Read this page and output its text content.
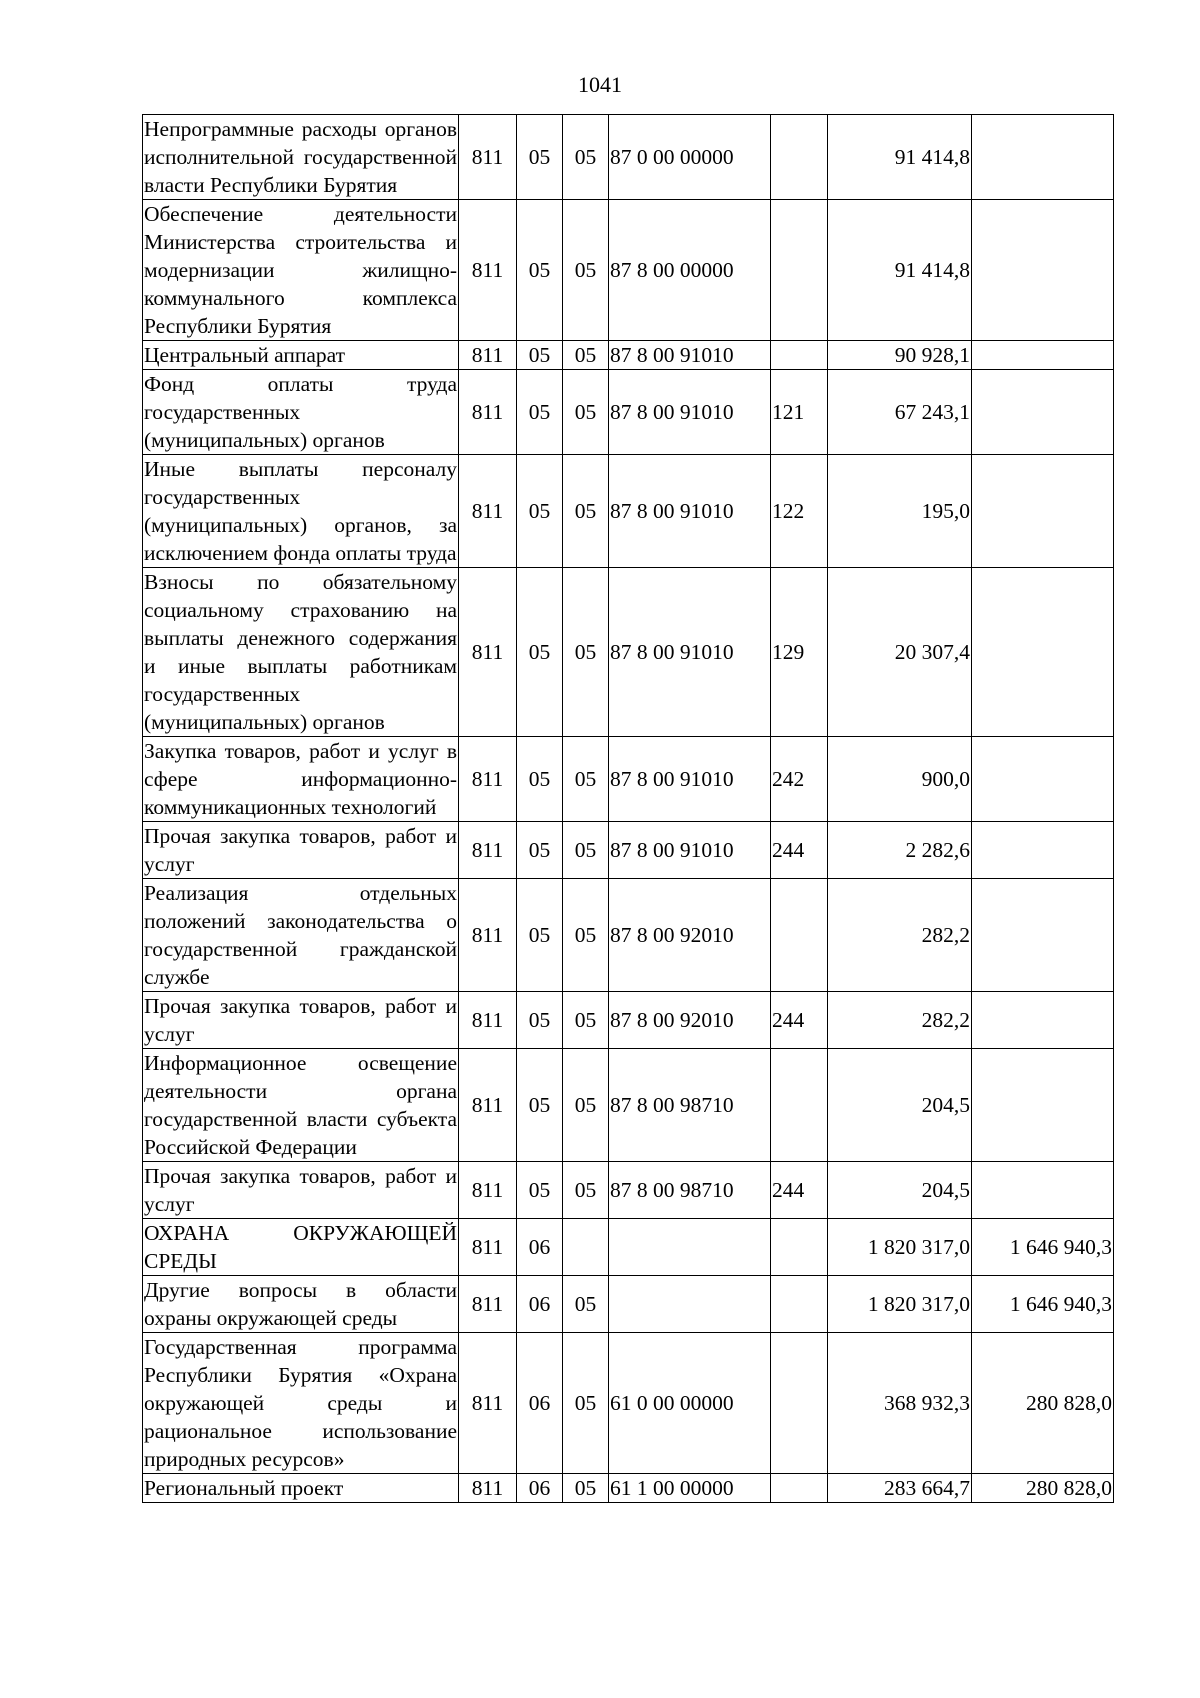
1041
Непрограммные расходы органов исполнительной государственной власти Республики Бурятия	811	05	05	87 0 00 00000		91 414,8	
Обеспечение деятельности Министерства строительства и модернизации жилищно-коммунального комплекса Республики Бурятия	811	05	05	87 8 00 00000		91 414,8	
Центральный аппарат	811	05	05	87 8 00 91010		90 928,1	
Фонд оплаты труда государственных (муниципальных) органов	811	05	05	87 8 00 91010	121	67 243,1	
Иные выплаты персоналу государственных (муниципальных) органов, за исключением фонда оплаты труда	811	05	05	87 8 00 91010	122	195,0	
Взносы по обязательному социальному страхованию на выплаты денежного содержания и иные выплаты работникам государственных (муниципальных) органов	811	05	05	87 8 00 91010	129	20 307,4	
Закупка товаров, работ и услуг в сфере информационно-коммуникационных технологий	811	05	05	87 8 00 91010	242	900,0	
Прочая закупка товаров, работ и услуг	811	05	05	87 8 00 91010	244	2 282,6	
Реализация отдельных положений законодательства о государственной гражданской службе	811	05	05	87 8 00 92010		282,2	
Прочая закупка товаров, работ и услуг	811	05	05	87 8 00 92010	244	282,2	
Информационное освещение деятельности органа государственной власти субъекта Российской Федерации	811	05	05	87 8 00 98710		204,5	
Прочая закупка товаров, работ и услуг	811	05	05	87 8 00 98710	244	204,5	
ОХРАНА ОКРУЖАЮЩЕЙ СРЕДЫ	811	06				1 820 317,0	1 646 940,3
Другие вопросы в области охраны окружающей среды	811	06	05			1 820 317,0	1 646 940,3
Государственная программа Республики Бурятия «Охрана окружающей среды и рациональное использование природных ресурсов»	811	06	05	61 0 00 00000		368 932,3	280 828,0
Региональный проект	811	06	05	61 1 00 00000		283 664,7	280 828,0
